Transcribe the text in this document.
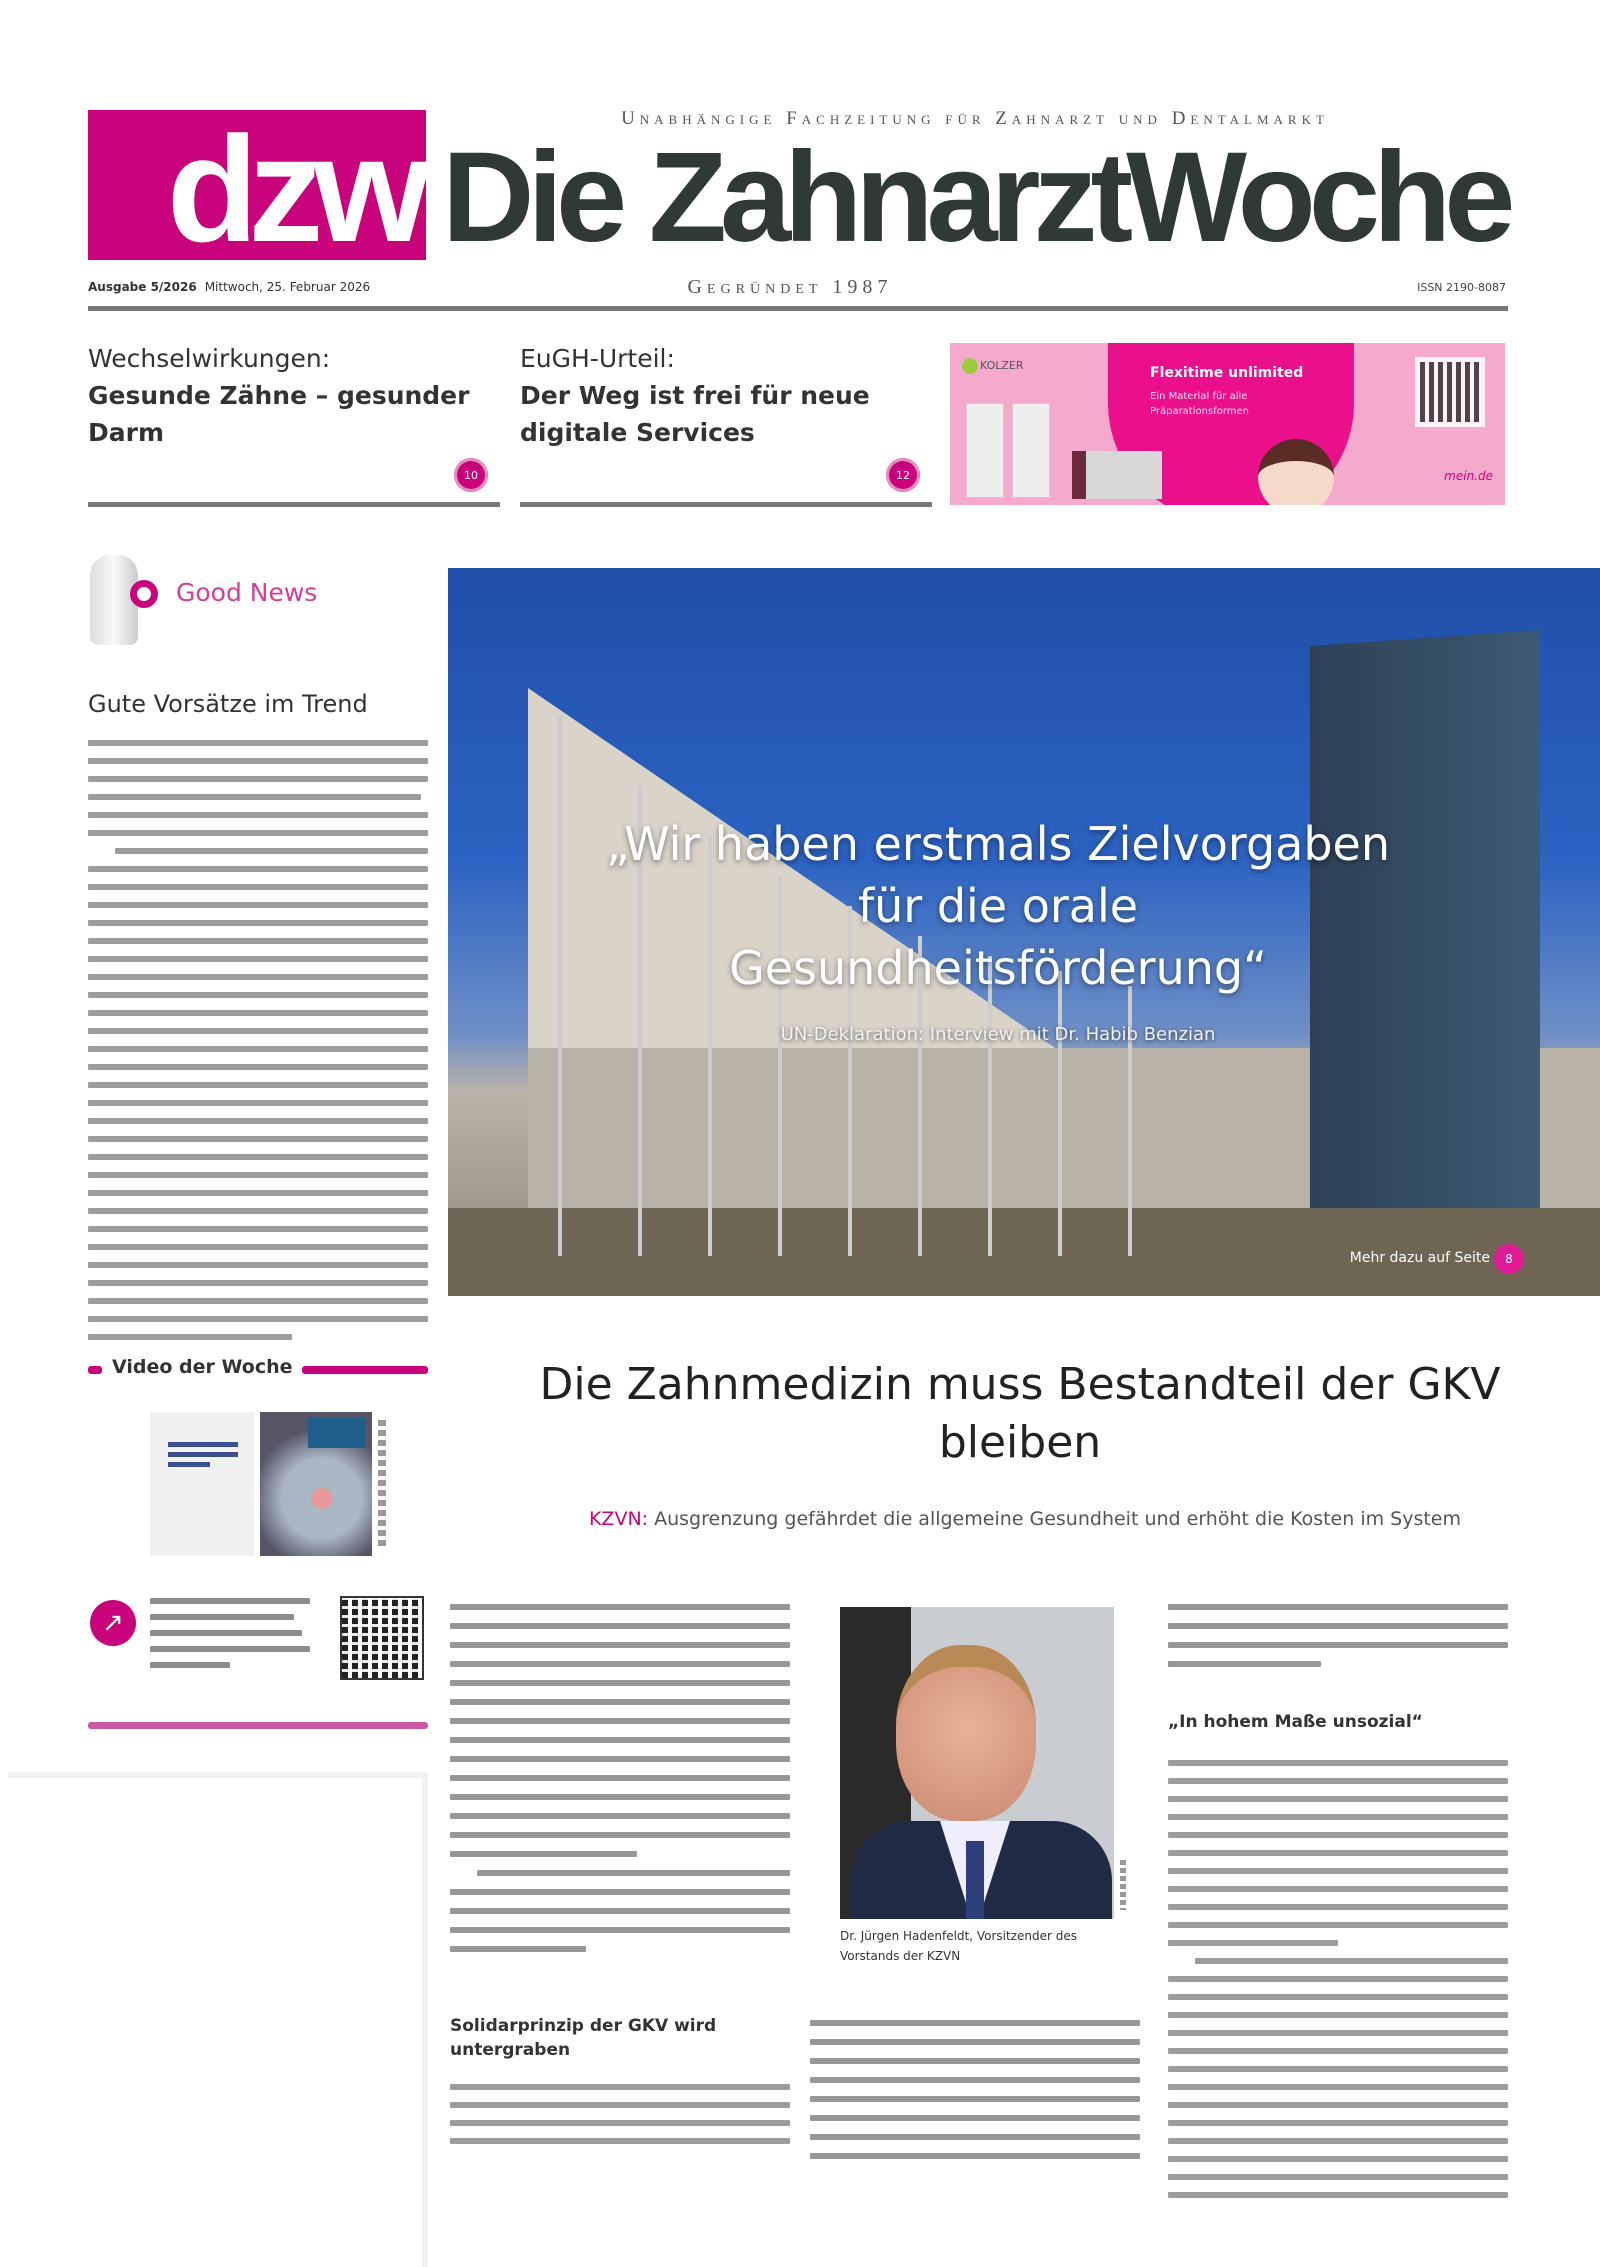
dzw	Unabhängige Fachzeitung für Zahnarzt und Dentalmarkt
Die ZahnarztWoche
Ausgabe 5/2026 Mittwoch, 25. Februar 2026	Gegründet 1987	ISSN 2190-8087
Wechselwirkungen:
Gesunde Zähne – gesunder Darm
10
EuGH-Urteil:
Der Weg ist frei für neue digitale Services
12
KOLZER	Flexitime unlimited
Ein Material für alle Präparationsformen
mein.de
Good News
Gute Vorsätze im Trend
„Wir haben erstmals Zielvorgaben für die orale Gesundheitsförderung“
UN-Deklaration: Interview mit Dr. Habib Benzian
Mehr dazu auf Seite	8
Video der Woche
↗
Die Zahnmedizin muss Bestandteil der GKV bleiben
KZVN: Ausgrenzung gefährdet die allgemeine Gesundheit und erhöht die Kosten im System
Solidarprinzip der GKV wird untergraben
Dr. Jürgen Hadenfeldt, Vorsitzender des Vorstands der KZVN
„In hohem Maße unsozial“
